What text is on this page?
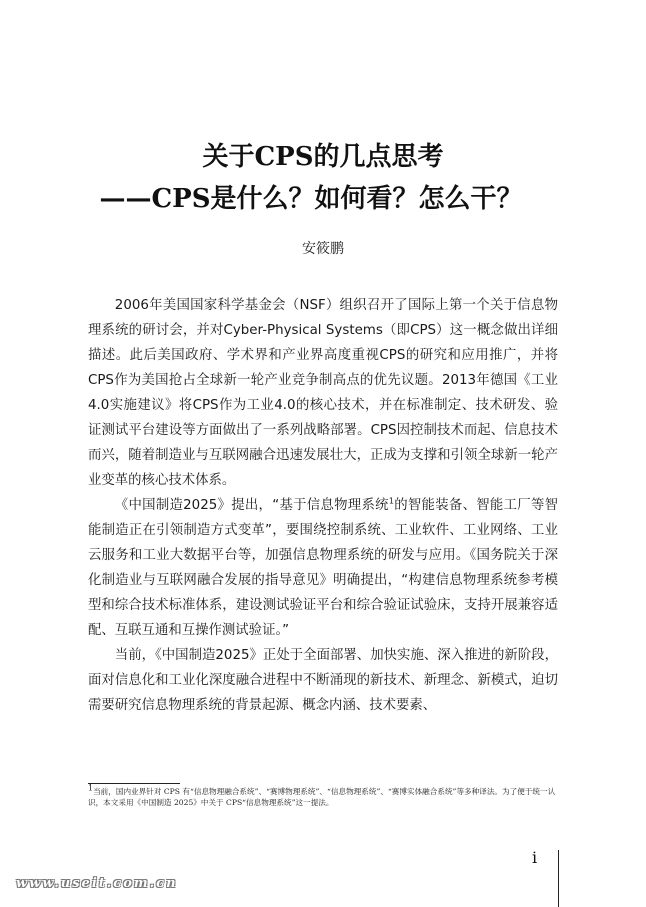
关于CPS的几点思考
——CPS是什么？如何看？怎么干？
安筱鹏

2006年美国国家科学基金会（NSF）组织召开了国际上第一个关于信息物理系统的研讨会，并对Cyber-Physical Systems（即CPS）这一概念做出详细描述。此后美国政府、学术界和产业界高度重视CPS的研究和应用推广，并将CPS作为美国抢占全球新一轮产业竞争制高点的优先议题。2013年德国《工业4.0实施建议》将CPS作为工业4.0的核心技术，并在标准制定、技术研发、验证测试平台建设等方面做出了一系列战略部署。CPS因控制技术而起、信息技术而兴，随着制造业与互联网融合迅速发展壮大，正成为支撑和引领全球新一轮产业变革的核心技术体系。

《中国制造2025》提出，“基于信息物理系统$^1$的智能装备、智能工厂等智能制造正在引领制造方式变革”，要围绕控制系统、工业软件、工业网络、工业云服务和工业大数据平台等，加强信息物理系统的研发与应用。《国务院关于深化制造业与互联网融合发展的指导意见》明确提出，“构建信息物理系统参考模型和综合技术标准体系，建设测试验证平台和综合验证试验床，支持开展兼容适配、互联互通和互操作测试验证。”

当前，《中国制造2025》正处于全面部署、加快实施、深入推进的新阶段，面对信息化和工业化深度融合进程中不断涌现的新技术、新理念、新模式，迫切需要研究信息物理系统的背景起源、概念内涵、技术要素、

$^1$当前，国内业界针对 CPS 有“信息物理融合系统”、“赛博物理系统”、“信息物理系统”、“赛博实体融合系统”等多种译法。为了便于统一认识，本文采用《中国制造 2025》中关于 CPS“信息物理系统”这一提法。
i
www.useit.com.cn
